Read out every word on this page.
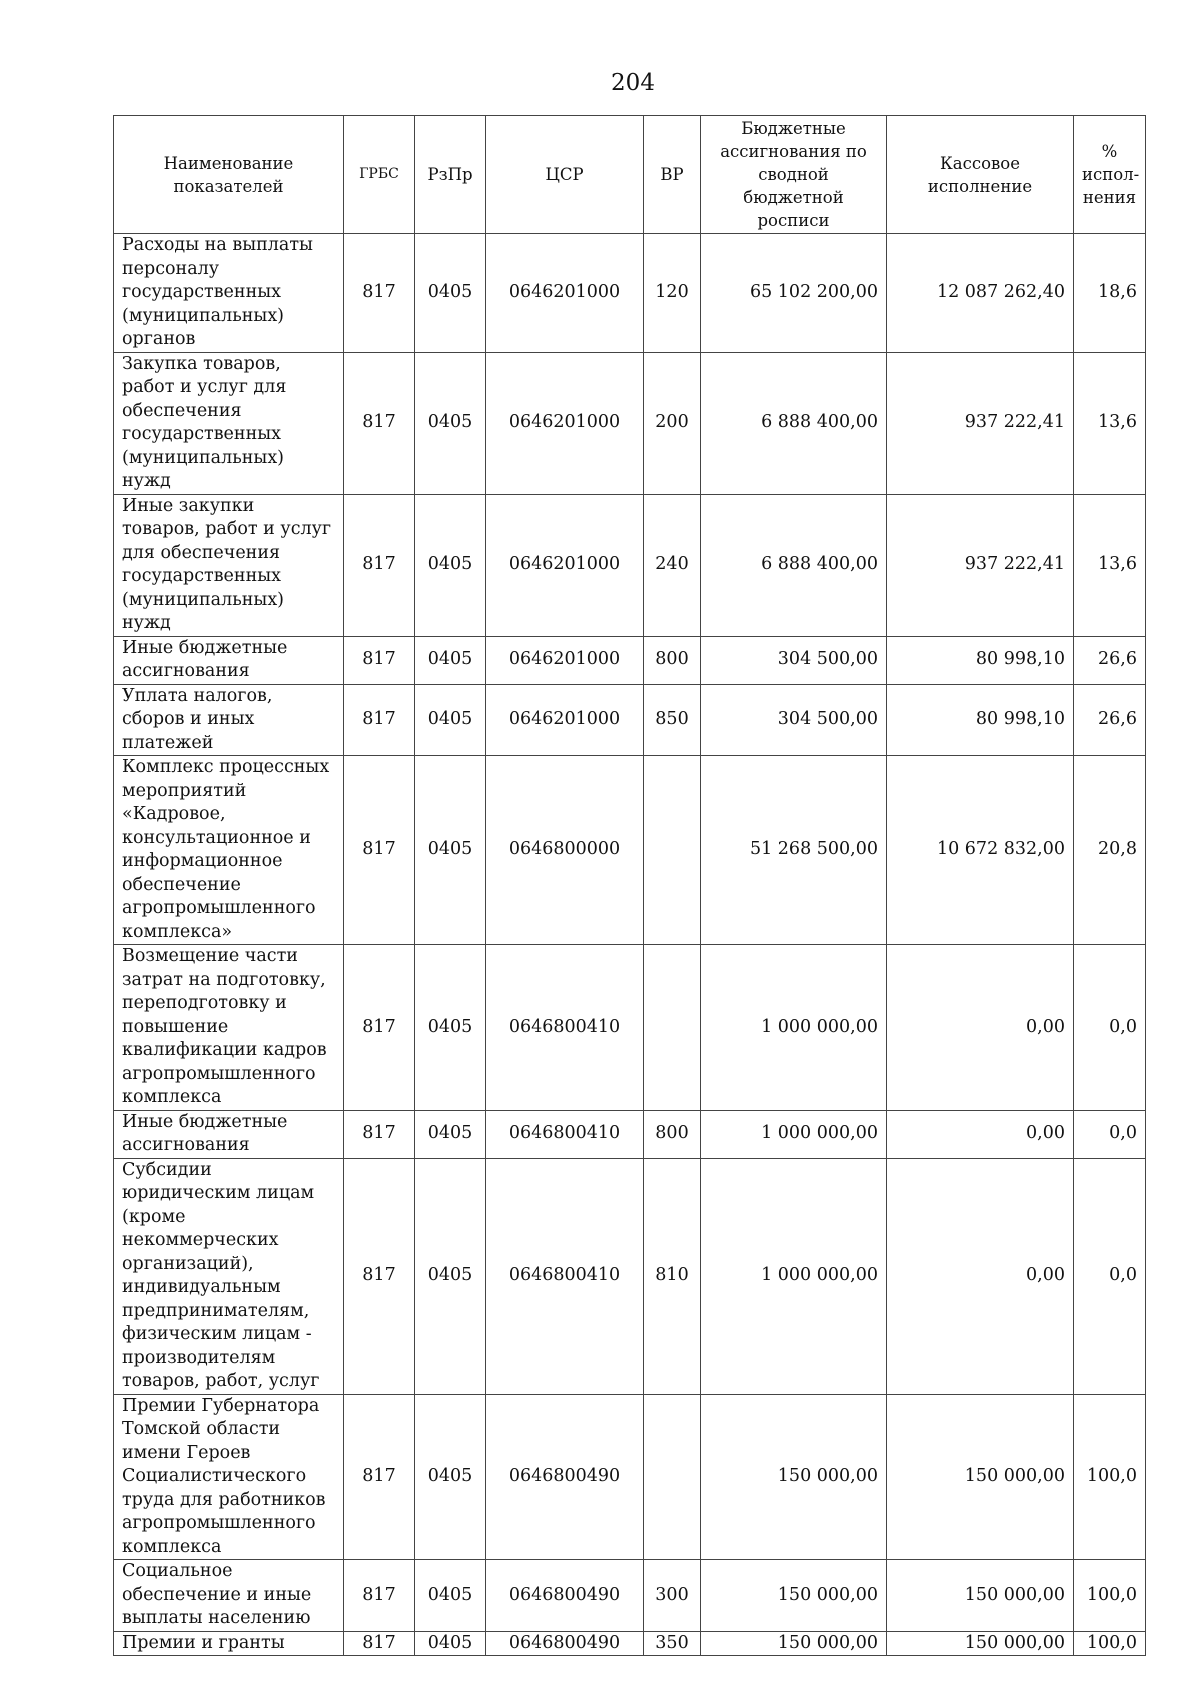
204
Наименование показателей	ГРБС	РзПр	ЦСР	ВР	Бюджетные ассигнования по сводной бюджетной росписи	Кассовое исполнение	% испол-нения
Расходы на выплаты персоналу государственных (муниципальных) органов	817	0405	0646201000	120	65 102 200,00	12 087 262,40	18,6
Закупка товаров, работ и услуг для обеспечения государственных (муниципальных) нужд	817	0405	0646201000	200	6 888 400,00	937 222,41	13,6
Иные закупки товаров, работ и услуг для обеспечения государственных (муниципальных) нужд	817	0405	0646201000	240	6 888 400,00	937 222,41	13,6
Иные бюджетные ассигнования	817	0405	0646201000	800	304 500,00	80 998,10	26,6
Уплата налогов, сборов и иных платежей	817	0405	0646201000	850	304 500,00	80 998,10	26,6
Комплекс процессных мероприятий «Кадровое, консультационное и информационное обеспечение агропромышленного комплекса»	817	0405	0646800000		51 268 500,00	10 672 832,00	20,8
Возмещение части затрат на подготовку, переподготовку и повышение квалификации кадров агропромышленного комплекса	817	0405	0646800410		1 000 000,00	0,00	0,0
Иные бюджетные ассигнования	817	0405	0646800410	800	1 000 000,00	0,00	0,0
Субсидии юридическим лицам (кроме некоммерческих организаций), индивидуальным предпринимателям, физическим лицам - производителям товаров, работ, услуг	817	0405	0646800410	810	1 000 000,00	0,00	0,0
Премии Губернатора Томской области имени Героев Социалистического труда для работников агропромышленного комплекса	817	0405	0646800490		150 000,00	150 000,00	100,0
Социальное обеспечение и иные выплаты населению	817	0405	0646800490	300	150 000,00	150 000,00	100,0
Премии и гранты	817	0405	0646800490	350	150 000,00	150 000,00	100,0
